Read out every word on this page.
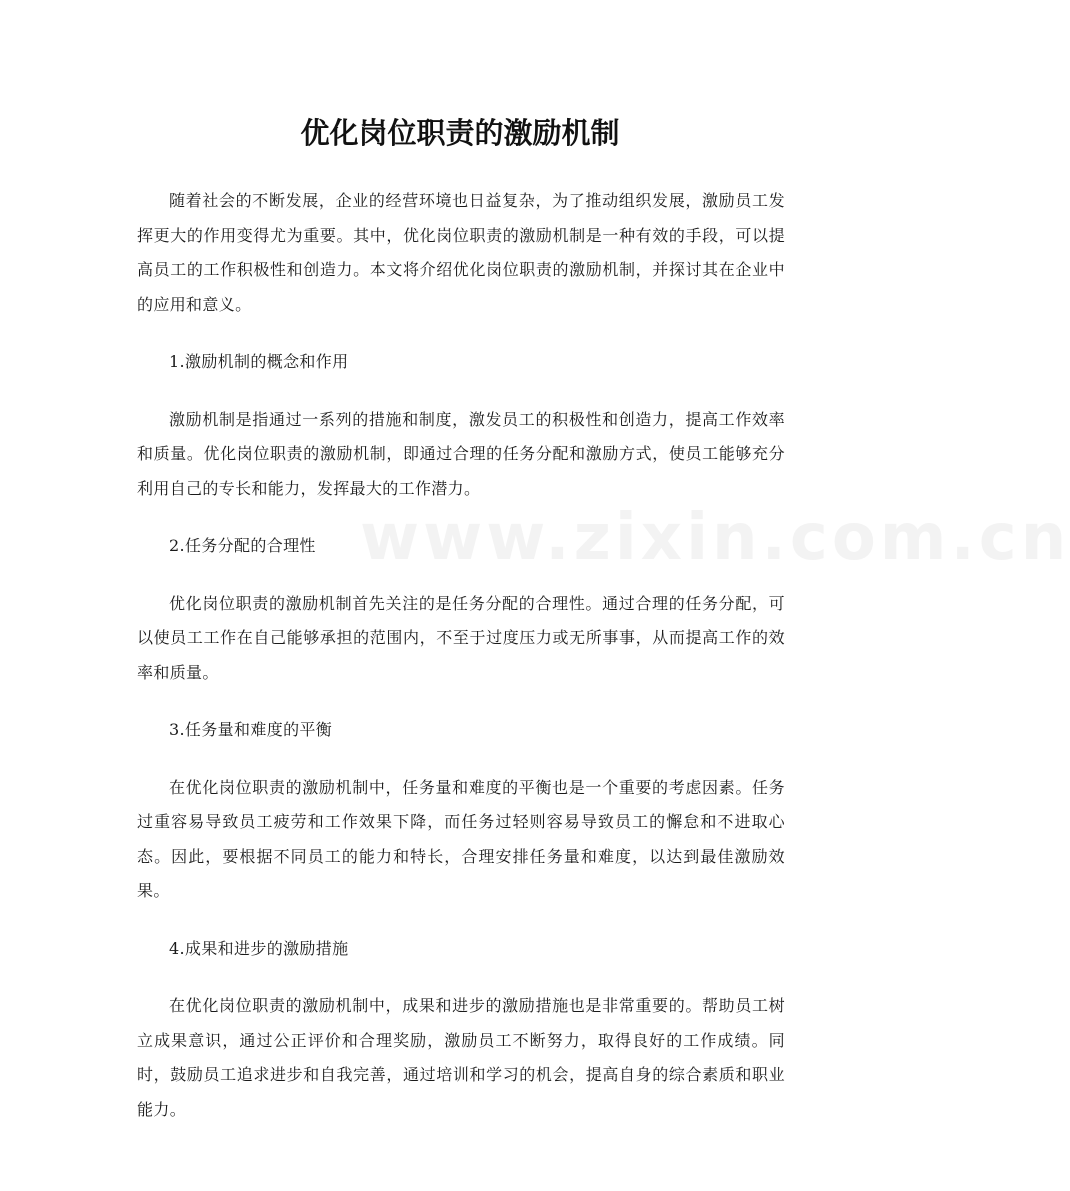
优化岗位职责的激励机制

随着社会的不断发展，企业的经营环境也日益复杂，为了推动组织发展，激励员工发挥更大的作用变得尤为重要。其中，优化岗位职责的激励机制是一种有效的手段，可以提高员工的工作积极性和创造力。本文将介绍优化岗位职责的激励机制，并探讨其在企业中的应用和意义。

1.激励机制的概念和作用

激励机制是指通过一系列的措施和制度，激发员工的积极性和创造力，提高工作效率和质量。优化岗位职责的激励机制，即通过合理的任务分配和激励方式，使员工能够充分利用自己的专长和能力，发挥最大的工作潜力。

2.任务分配的合理性

优化岗位职责的激励机制首先关注的是任务分配的合理性。通过合理的任务分配，可以使员工工作在自己能够承担的范围内，不至于过度压力或无所事事，从而提高工作的效率和质量。

3.任务量和难度的平衡

在优化岗位职责的激励机制中，任务量和难度的平衡也是一个重要的考虑因素。任务过重容易导致员工疲劳和工作效果下降，而任务过轻则容易导致员工的懈怠和不进取心态。因此，要根据不同员工的能力和特长，合理安排任务量和难度，以达到最佳激励效果。

4.成果和进步的激励措施

在优化岗位职责的激励机制中，成果和进步的激励措施也是非常重要的。帮助员工树立成果意识，通过公正评价和合理奖励，激励员工不断努力，取得良好的工作成绩。同时，鼓励员工追求进步和自我完善，通过培训和学习的机会，提高自身的综合素质和职业能力。

www.zixin.com.cn
